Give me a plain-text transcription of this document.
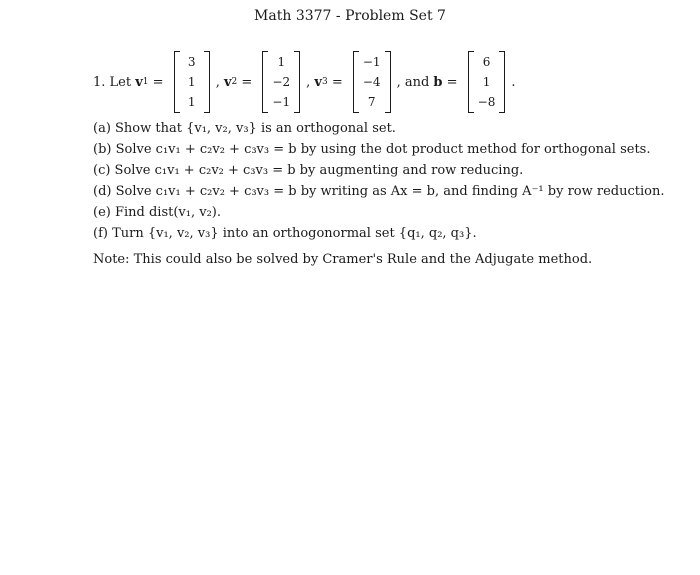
Math 3377 - Problem Set 7
1. Let v 1 =
3
1
1
, v 2 =
1
−2
−1
, v 3 =
−1
−4
7
, and b =
6
1
−8
.
(a) Show that {v₁, v₂, v₃} is an orthogonal set.
(b) Solve c₁v₁ + c₂v₂ + c₃v₃ = b by using the dot product method for orthogonal sets.
(c) Solve c₁v₁ + c₂v₂ + c₃v₃ = b by augmenting and row reducing.
(d) Solve c₁v₁ + c₂v₂ + c₃v₃ = b by writing as Ax = b, and finding A⁻¹ by row reduction.
(e) Find dist(v₁, v₂).
(f) Turn {v₁, v₂, v₃} into an orthogonormal set {q₁, q₂, q₃}.
Note: This could also be solved by Cramer's Rule and the Adjugate method.
